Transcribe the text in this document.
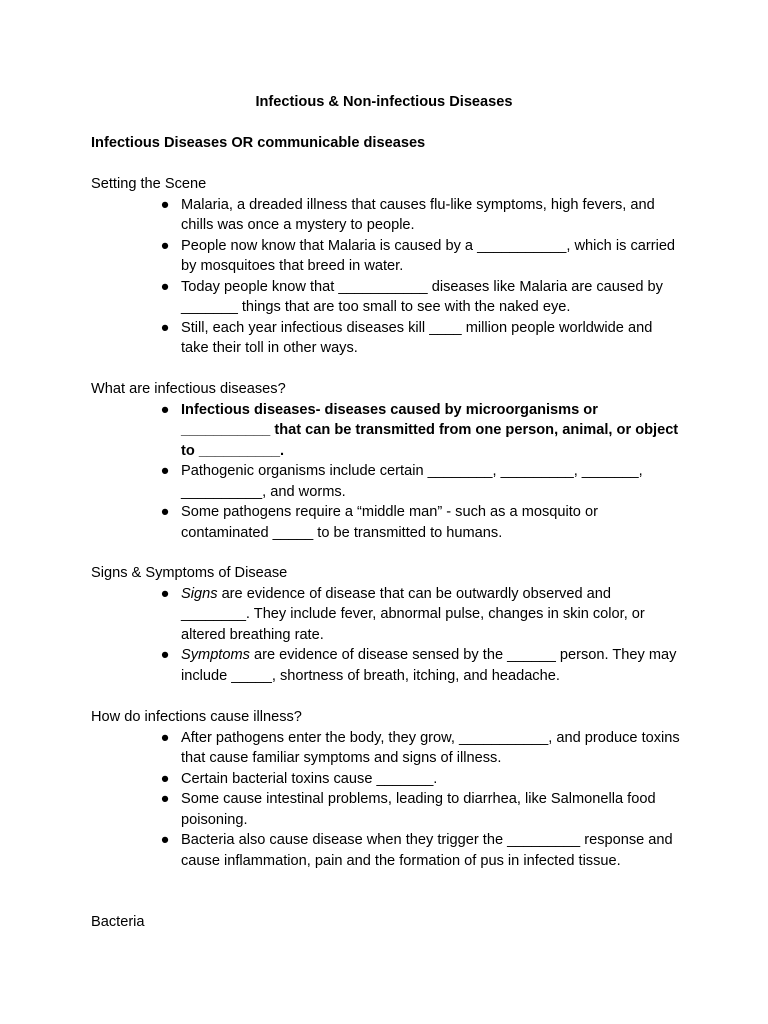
Infectious & Non-infectious Diseases
Infectious Diseases OR communicable diseases
Setting the Scene
● Malaria, a dreaded illness that causes flu-like symptoms, high fevers, and chills was once a mystery to people.
● People now know that Malaria is caused by a ___________, which is carried by mosquitoes that breed in water.
● Today people know that ___________ diseases like Malaria are caused by _______ things that are too small to see with the naked eye.
● Still, each year infectious diseases kill ____ million people worldwide and take their toll in other ways.
What are infectious diseases?
● Infectious diseases- diseases caused by microorganisms or ___________ that can be transmitted from one person, animal, or object to __________.
● Pathogenic organisms include certain ________, _________, _______, __________, and worms.
● Some pathogens require a “middle man” - such as a mosquito or contaminated _____ to be transmitted to humans.
Signs & Symptoms of Disease
● Signs are evidence of disease that can be outwardly observed and ________. They include fever, abnormal pulse, changes in skin color, or altered breathing rate.
● Symptoms are evidence of disease sensed by the ______ person. They may include _____, shortness of breath, itching, and headache.
How do infections cause illness?
● After pathogens enter the body, they grow, ___________, and produce toxins that cause familiar symptoms and signs of illness.
● Certain bacterial toxins cause _______.
● Some cause intestinal problems, leading to diarrhea, like Salmonella food poisoning.
● Bacteria also cause disease when they trigger the _________ response and cause inflammation, pain and the formation of pus in infected tissue.
Bacteria
